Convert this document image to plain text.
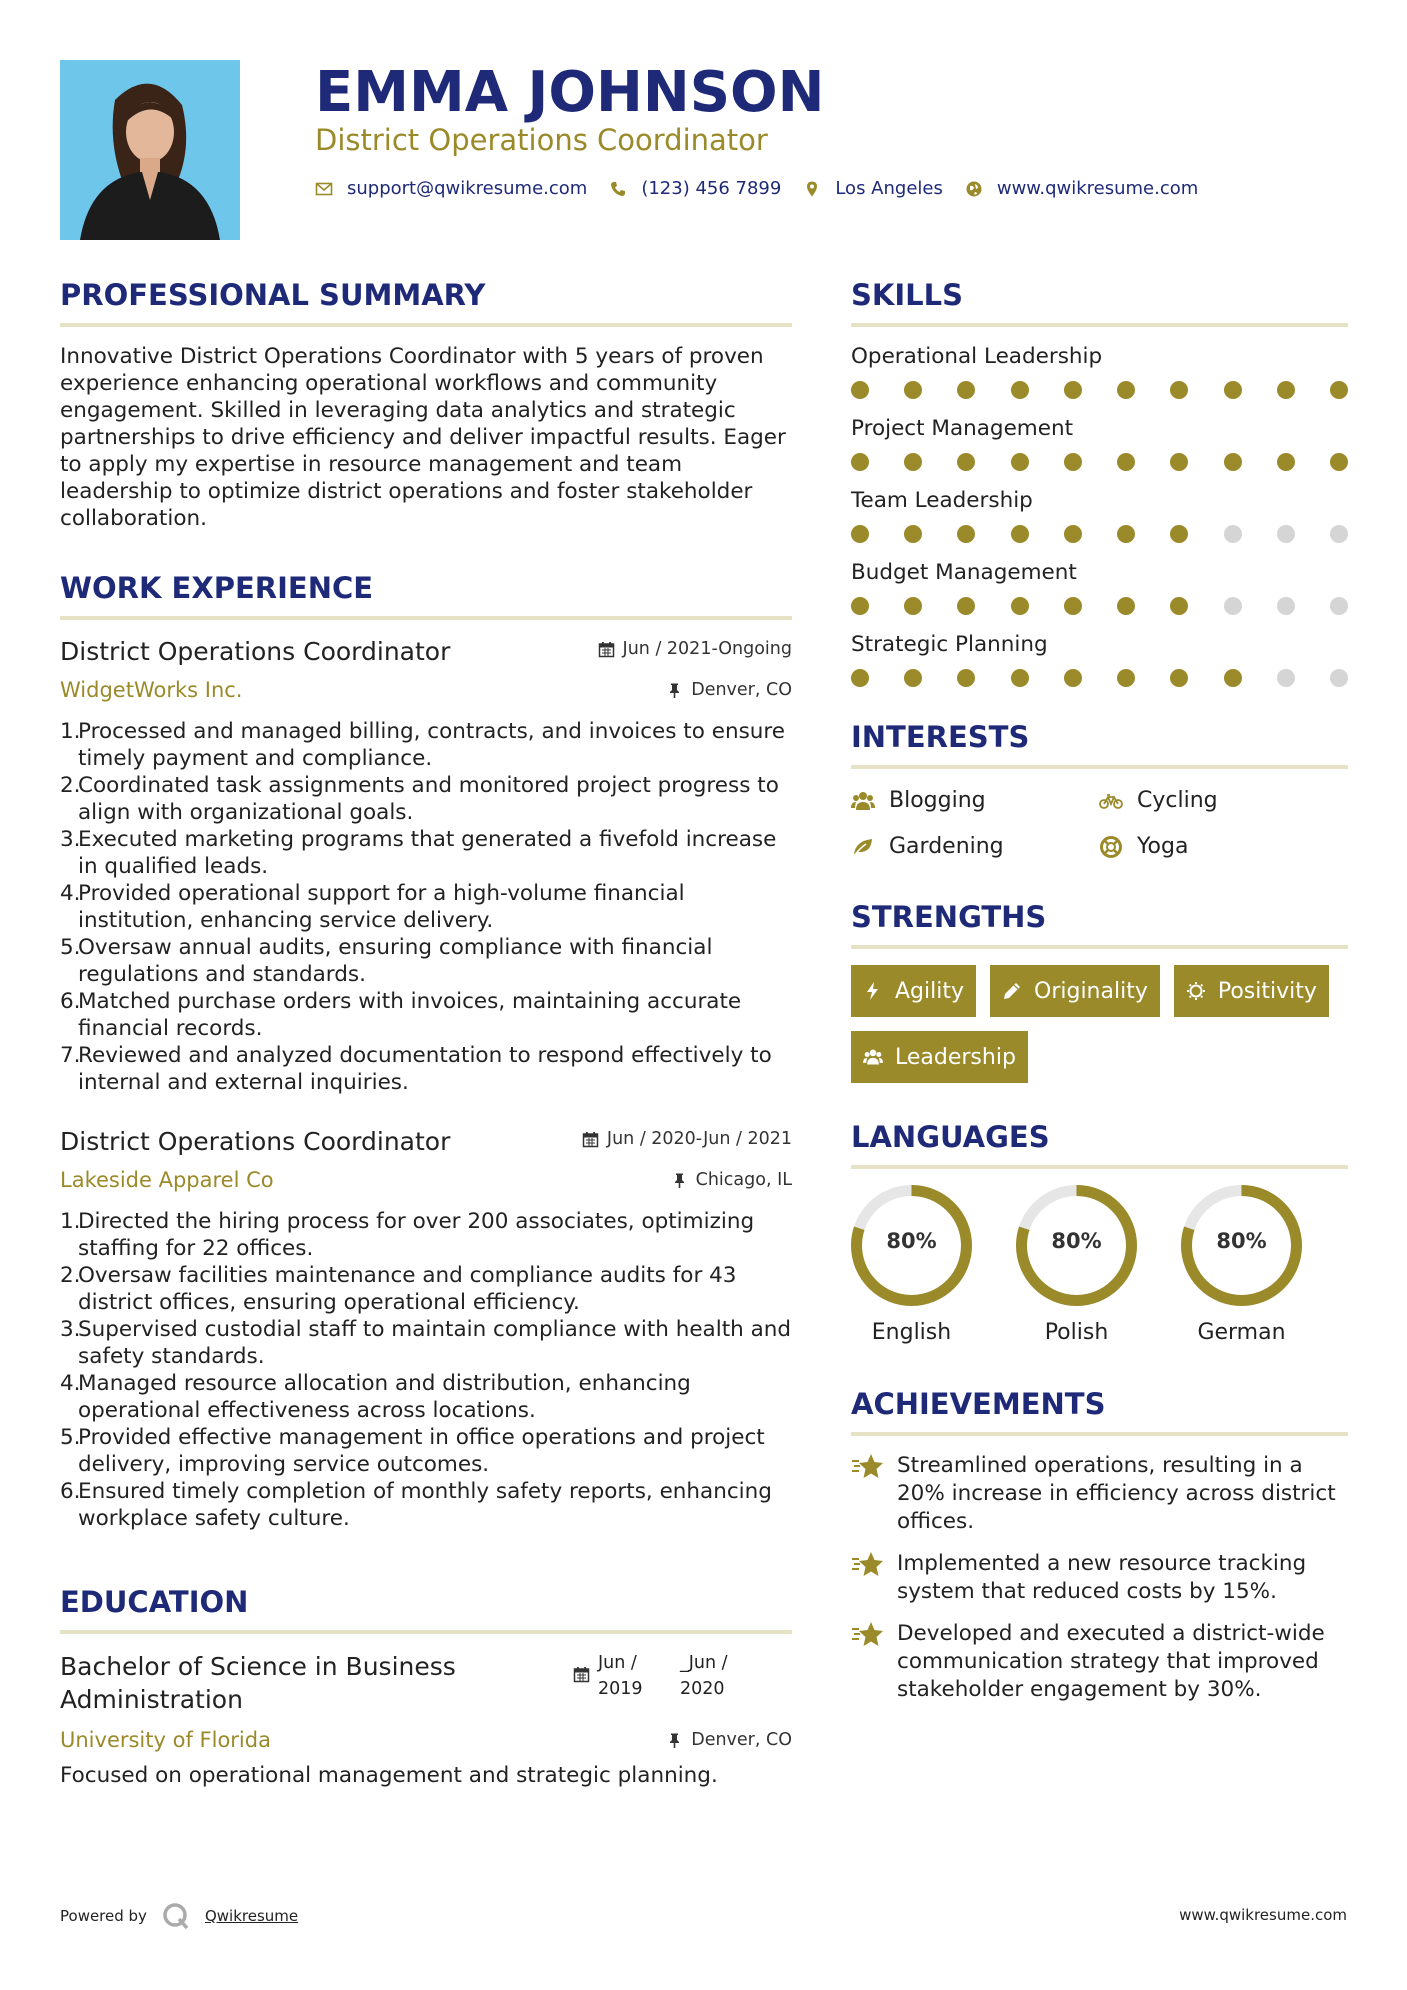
EMMA JOHNSON
District Operations Coordinator
support@qwikresume.com	(123) 456 7899	Los Angeles	www.qwikresume.com
PROFESSIONAL SUMMARY

Innovative District Operations Coordinator with 5 years of proven experience enhancing operational workflows and community engagement. Skilled in leveraging data analytics and strategic partnerships to drive efficiency and deliver impactful results. Eager to apply my expertise in resource management and team leadership to optimize district operations and foster stakeholder collaboration.

WORK EXPERIENCE
District Operations Coordinator	Jun / 2021-Ongoing
WidgetWorks Inc.	Denver, CO
1.
Processed and managed billing, contracts, and invoices to ensure timely payment and compliance.
2.
Coordinated task assignments and monitored project progress to align with organizational goals.
3.
Executed marketing programs that generated a fivefold increase in qualified leads.
4.
Provided operational support for a high-volume financial institution, enhancing service delivery.
5.
Oversaw annual audits, ensuring compliance with financial regulations and standards.
6.
Matched purchase orders with invoices, maintaining accurate financial records.
7.
Reviewed and analyzed documentation to respond effectively to internal and external inquiries.
District Operations Coordinator	Jun / 2020-Jun / 2021
Lakeside Apparel Co	Chicago, IL
1.
Directed the hiring process for over 200 associates, optimizing staffing for 22 offices.
2.
Oversaw facilities maintenance and compliance audits for 43 district offices, ensuring operational efficiency.
3.
Supervised custodial staff to maintain compliance with health and safety standards.
4.
Managed resource allocation and distribution, enhancing operational effectiveness across locations.
5.
Provided effective management in office operations and project delivery, improving service outcomes.
6.
Ensured timely completion of monthly safety reports, enhancing workplace safety culture.
EDUCATION
Bachelor of Science in Business Administration
Jun /
2019
_Jun /
2020
University of Florida	Denver, CO

Focused on operational management and strategic planning.

SKILLS
Operational Leadership
Project Management
Team Leadership
Budget Management
Strategic Planning
INTERESTS
Blogging	Cycling
Gardening	Yoga
STRENGTHS
Agility	Originality	Positivity
Leadership
LANGUAGES
80%
English
80%
Polish
80%
German
ACHIEVEMENTS
Streamlined operations, resulting in a 20% increase in efficiency across district offices.
Implemented a new resource tracking system that reduced costs by 15%.
Developed and executed a district-wide communication strategy that improved stakeholder engagement by 30%.
Powered by	Qwikresume	www.qwikresume.com
